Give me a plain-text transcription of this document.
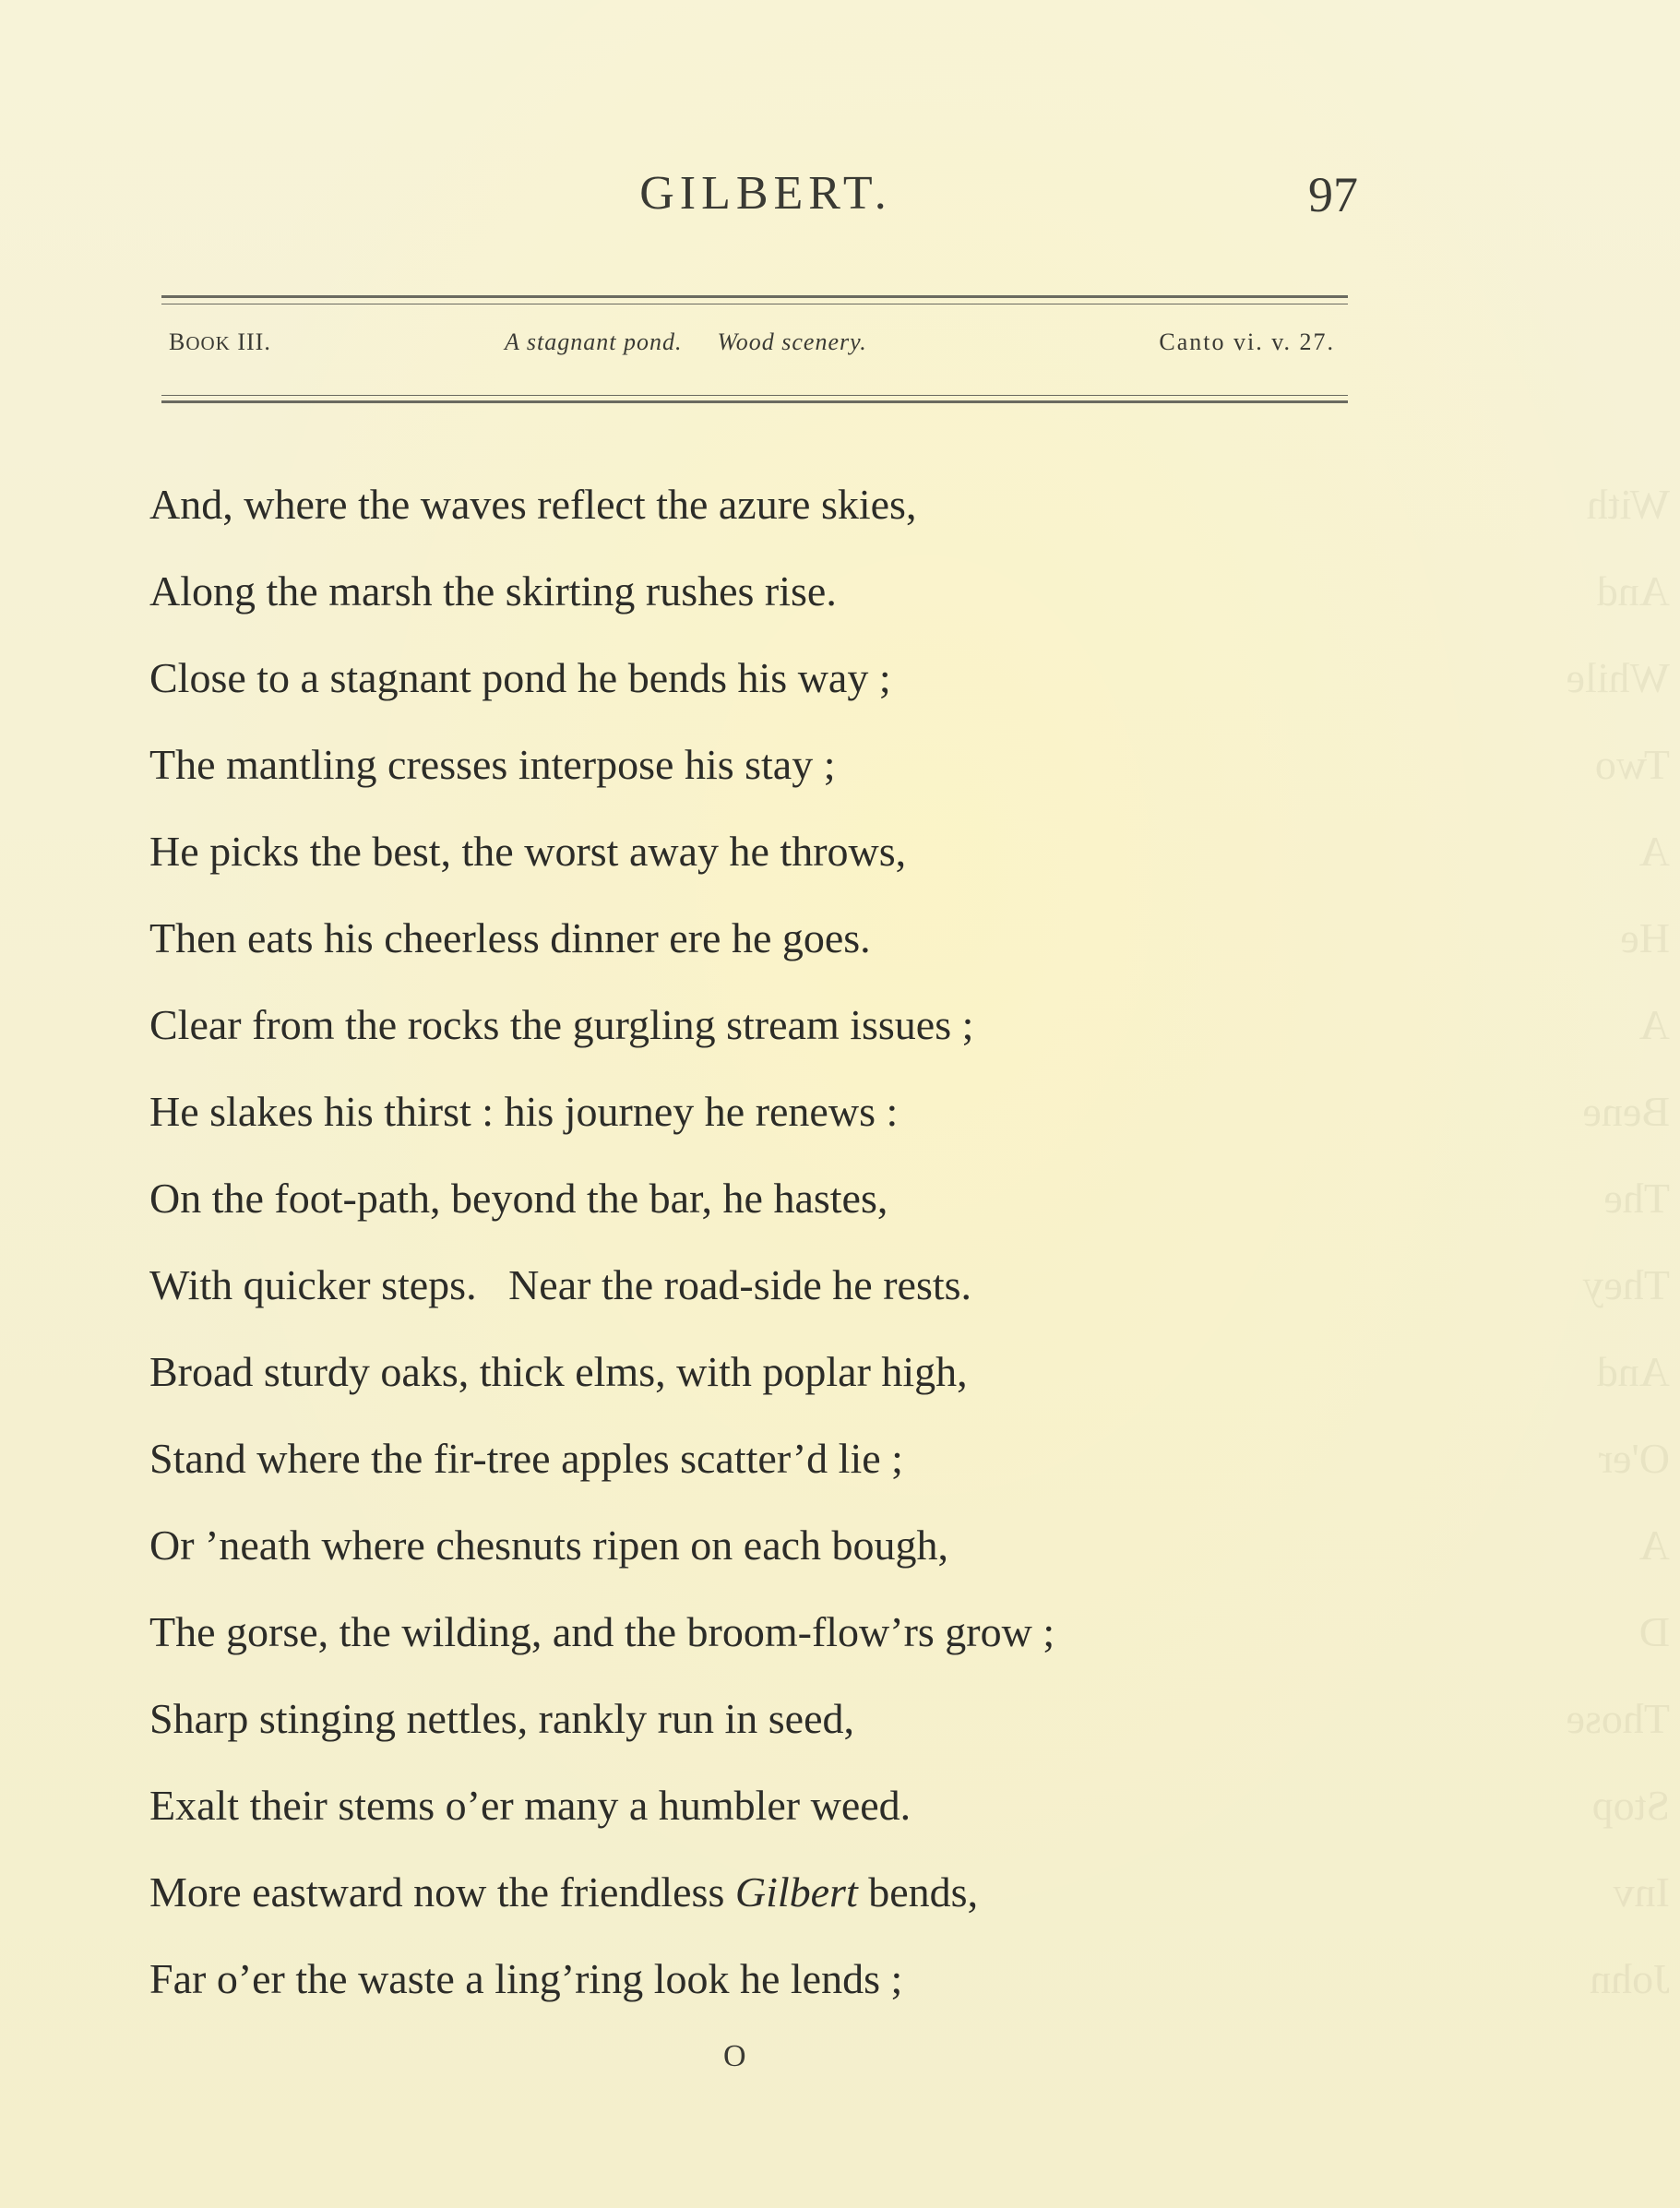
GILBERT.	97
BOOK III.	A stagnant pond. Wood scenery.	Canto vi. v. 27.
With
And
While
Two
A
He
A
Bene
The
They
And
O'er
A
D
Those
Stop
Inv
John
And, where the waves reflect the azure skies,
Along the marsh the skirting rushes rise.
Close to a stagnant pond he bends his way ;
The mantling cresses interpose his stay ;
He picks the best, the worst away he throws,
Then eats his cheerless dinner ere he goes.
Clear from the rocks the gurgling stream issues ;
He slakes his thirst : his journey he renews :
On the foot-path, beyond the bar, he hastes,
With quicker steps.   Near the road-side he rests.
Broad sturdy oaks, thick elms, with poplar high,
Stand where the fir-tree apples scatter’d lie ;
Or ’neath where chesnuts ripen on each bough,
The gorse, the wilding, and the broom-flow’rs grow ;
Sharp stinging nettles, rankly run in seed,
Exalt their stems o’er many a humbler weed.
More eastward now the friendless Gilbert bends,
Far o’er the waste a ling’ring look he lends ;
O
